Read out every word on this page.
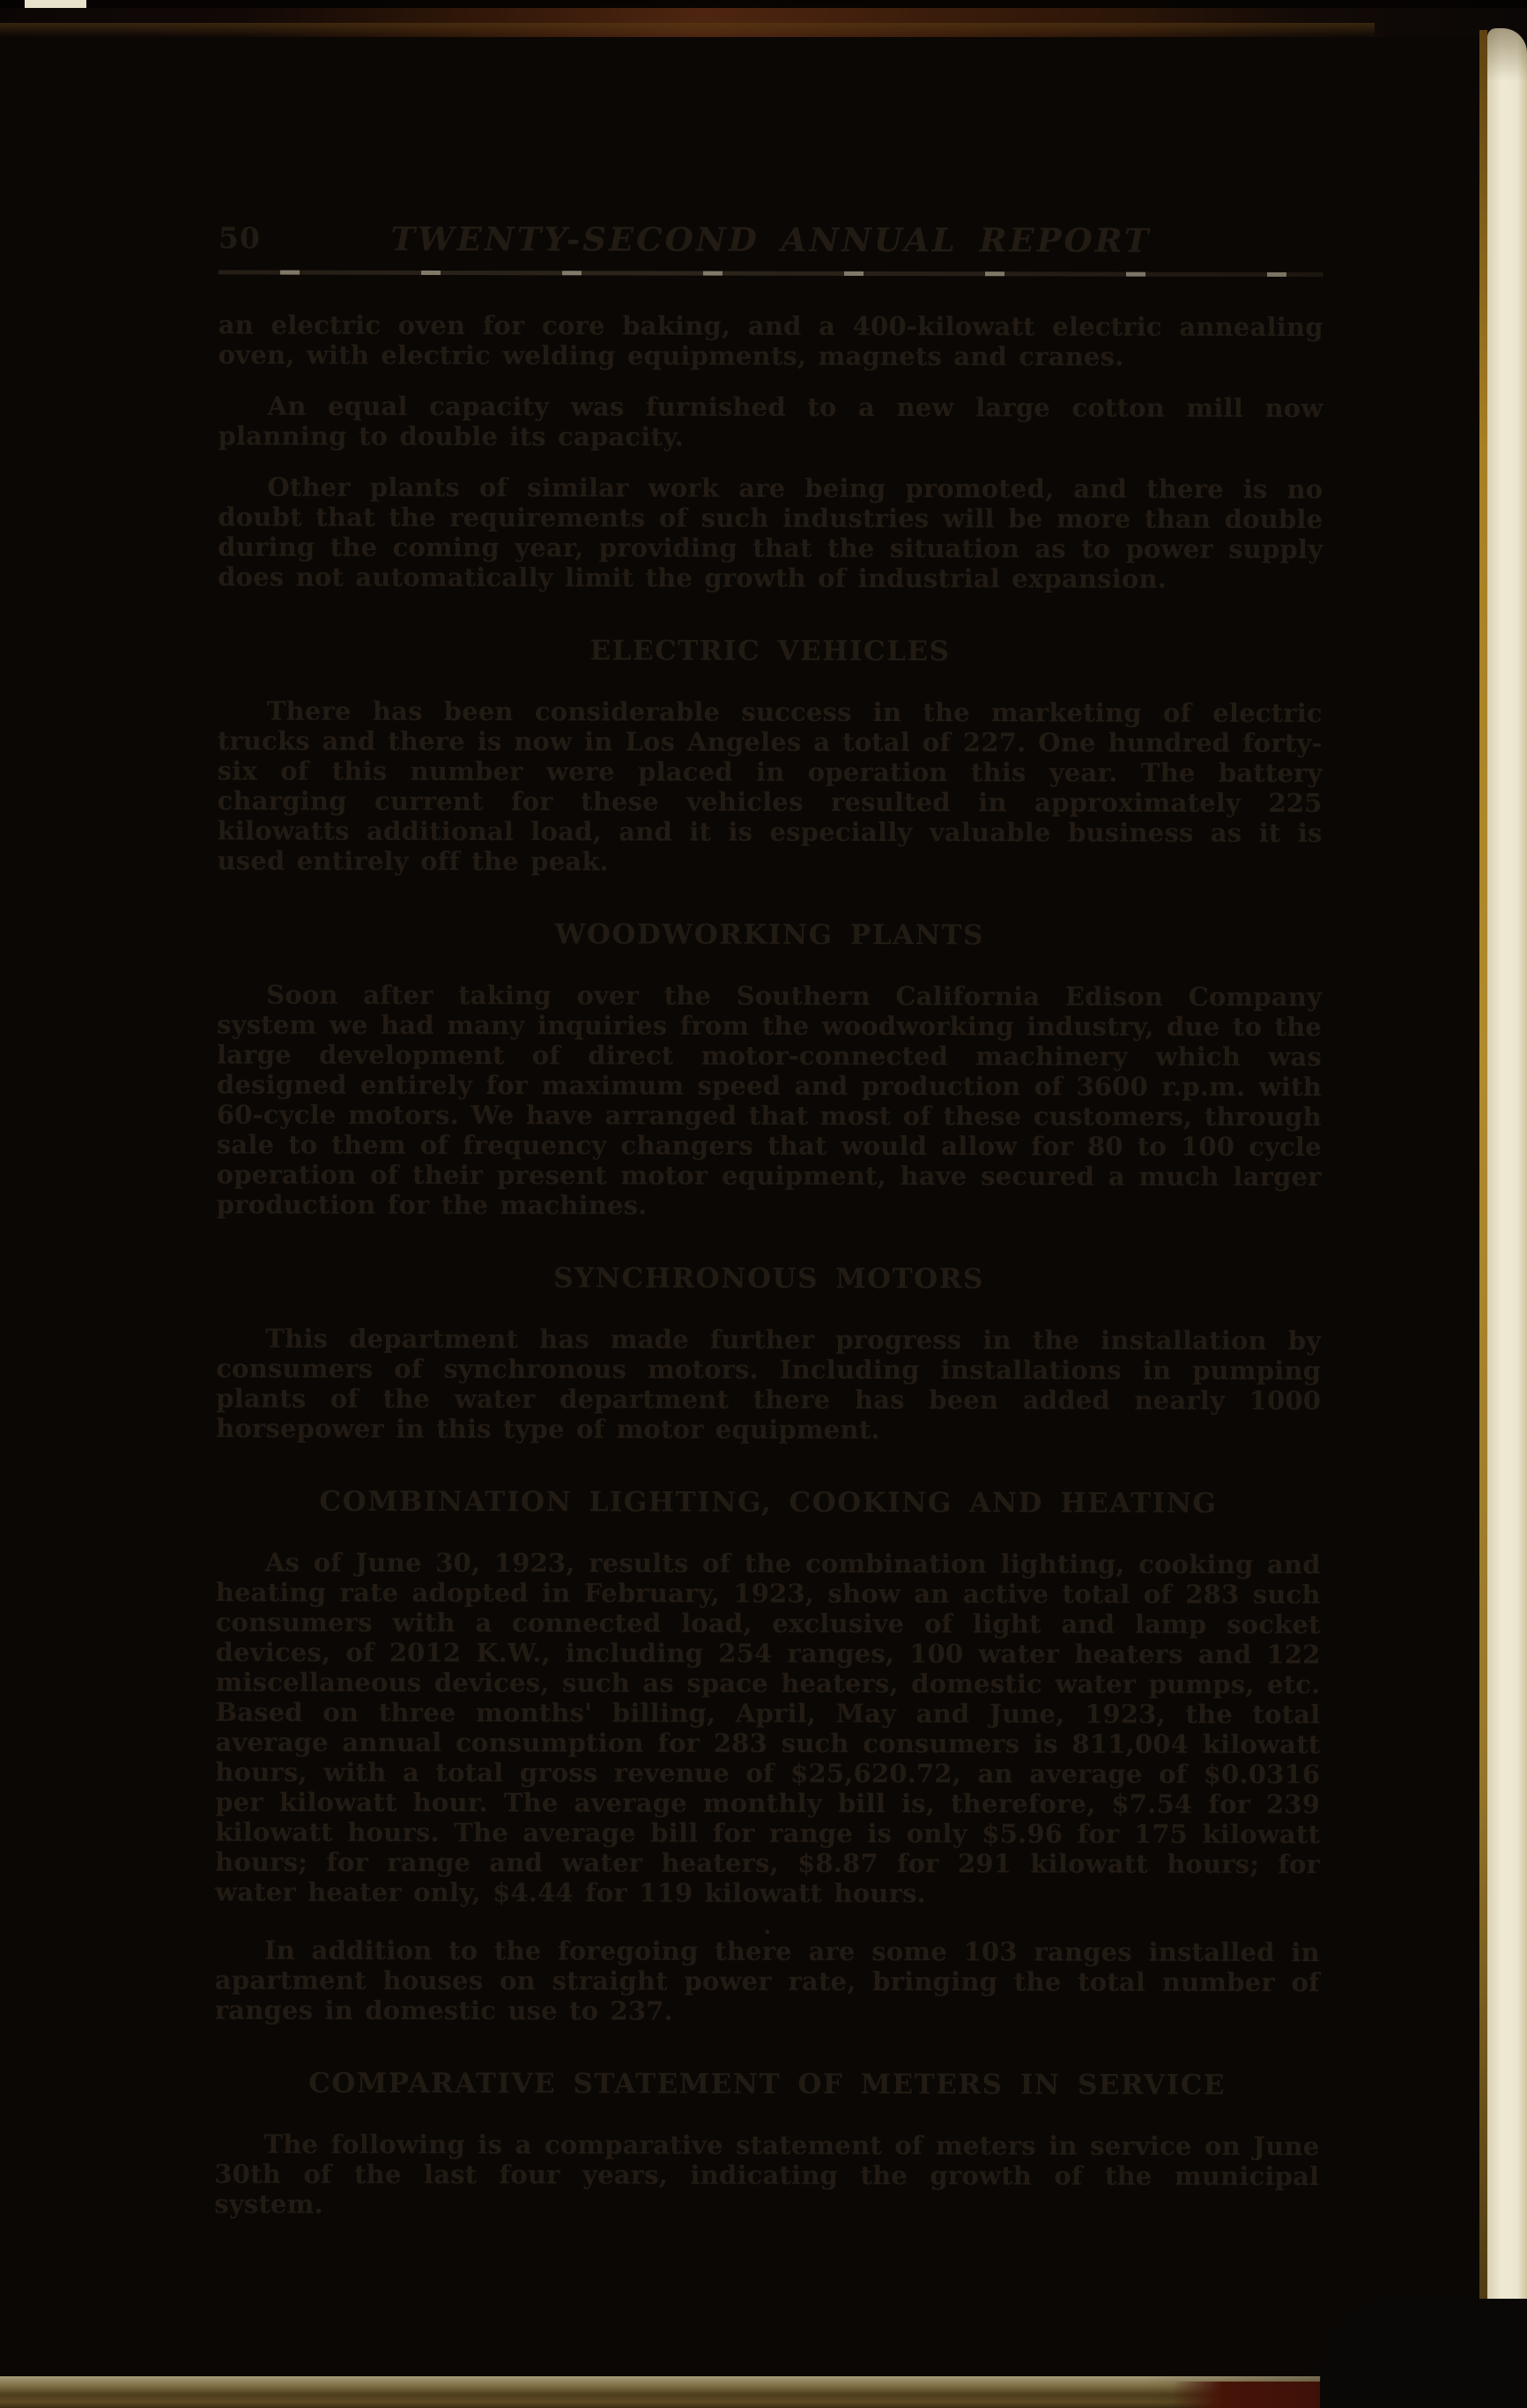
50	TWENTY-SECOND ANNUAL REPORT

an electric oven for core baking, and a 400-kilowatt electric annealing oven, with electric welding equipments, magnets and cranes.

An equal capacity was furnished to a new large cotton mill now planning to double its capacity.

Other plants of similar work are being promoted, and there is no doubt that the requirements of such industries will be more than double during the coming year, providing that the situation as to power supply does not automatically limit the growth of industrial expansion.

ELECTRIC VEHICLES

There has been considerable success in the marketing of electric trucks and there is now in Los Angeles a total of 227. One hundred forty-six of this number were placed in operation this year. The battery charging current for these vehicles resulted in approximately 225 kilowatts additional load, and it is especially valuable business as it is used entirely off the peak.

WOODWORKING PLANTS

Soon after taking over the Southern California Edison Company system we had many inquiries from the woodworking industry, due to the large development of direct motor-connected machinery which was designed entirely for maximum speed and production of 3600 r.p.m. with 60-cycle motors. We have arranged that most of these customers, through sale to them of frequency changers that would allow for 80 to 100 cycle operation of their present motor equipment, have secured a much larger production for the machines.

SYNCHRONOUS MOTORS

This department has made further progress in the installation by consumers of synchronous motors. Including installations in pumping plants of the water department there has been added nearly 1000 horsepower in this type of motor equipment.

COMBINATION LIGHTING, COOKING AND HEATING

As of June 30, 1923, results of the combination lighting, cooking and heating rate adopted in February, 1923, show an active total of 283 such consumers with a connected load, exclusive of light and lamp socket devices, of 2012 K.W., including 254 ranges, 100 water heaters and 122 miscellaneous devices, such as space heaters, domestic water pumps, etc. Based on three months' billing, April, May and June, 1923, the total average annual consumption for 283 such consumers is 811,004 kilowatt hours, with a total gross revenue of $25,620.72, an average of $0.0316 per kilowatt hour. The average monthly bill is, therefore, $7.54 for 239 kilowatt hours. The average bill for range is only $5.96 for 175 kilowatt hours; for range and water heaters, $8.87 for 291 kilowatt hours; for water heater only, $4.44 for 119 kilowatt hours.

.

In addition to the foregoing there are some 103 ranges installed in apartment houses on straight power rate, bringing the total number of ranges in domestic use to 237.

COMPARATIVE STATEMENT OF METERS IN SERVICE

The following is a comparative statement of meters in service on June 30th of the last four years, indicating the growth of the municipal system.
